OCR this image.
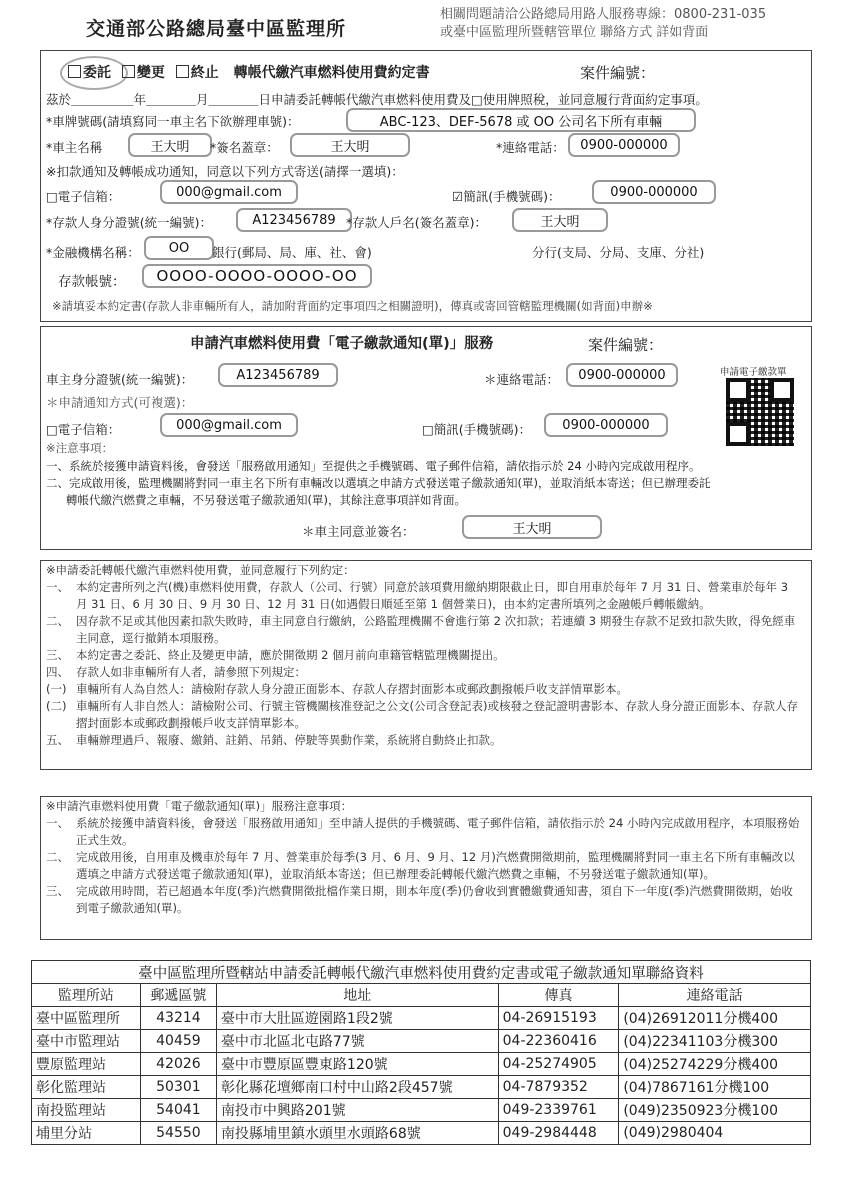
交通部公路總局臺中區監理所
相關問題請洽公路總局用路人服務專線：0800-231-035
或臺中區監理所暨轄管單位 聯絡方式 詳如背面
委託 變更 終止 轉帳代繳汽車燃料使用費約定書	案件編號：
茲於＿＿＿＿＿年＿＿＿＿月＿＿＿＿日申請委託轉帳代繳汽車燃料使用費及□使用牌照稅，並同意履行背面約定事項。
*車牌號碼(請填寫同一車主名下欲辦理車號)：	ABC-123、DEF-5678 或 OO 公司名下所有車輛
*車主名稱	王大明	*簽名蓋章：	王大明	*連絡電話：	0900-000000
※扣款通知及轉帳成功通知，同意以下列方式寄送(請擇一選填)：
□電子信箱：	000@gmail.com	☑簡訊(手機號碼)：	0900-000000
*存款人身分證號(統一編號)：	A123456789 *存款人戶名(簽名蓋章)：	王大明
*金融機構名稱：	OO	銀行(郵局、局、庫、社、會)	分行(支局、分局、支庫、分社)
存款帳號：	OOOO-OOOO-OOOO-OO
※請填妥本約定書(存款人非車輛所有人，請加附背面約定事項四之相關證明)，傳真或寄回管轄監理機關(如背面)申辦※
申請汽車燃料使用費「電子繳款通知(單)」服務	案件編號：
車主身分證號(統一編號)：	A123456789	＊連絡電話：	0900-000000	申請電子繳款單
＊申請通知方式(可複選)：
□電子信箱：	000@gmail.com	□簡訊(手機號碼)：	0900-000000
※注意事項：
一、系統於接獲申請資料後，會發送「服務啟用通知」至提供之手機號碼、電子郵件信箱，請依指示於 24 小時內完成啟用程序。
二、完成啟用後，監理機關將對同一車主名下所有車輛改以選填之申請方式發送電子繳款通知(單)，並取消紙本寄送；但已辦理委託
轉帳代繳汽燃費之車輛，不另發送電子繳款通知(單)，其餘注意事項詳如背面。
＊車主同意並簽名：	王大明
※申請委託轉帳代繳汽車燃料使用費，並同意履行下列約定：
一、 本約定書所列之汽(機)車燃料使用費，存款人（公司、行號）同意於該項費用繳納期限截止日，即自用車於每年 7 月 31 日、營業車於每年 3 月 31 日、6 月 30 日、9 月 30 日、12 月 31 日(如遇假日順延至第 1 個營業日)，由本約定書所填列之金融帳戶轉帳繳納。
二、 因存款不足或其他因素扣款失敗時，車主同意自行繳納，公路監理機關不會進行第 2 次扣款；若連續 3 期發生存款不足致扣款失敗，得免經車主同意，逕行撤銷本項服務。
三、 本約定書之委託、終止及變更申請，應於開徵期 2 個月前向車籍管轄監理機關提出。
四、 存款人如非車輛所有人者，請參照下列規定：
(一) 車輛所有人為自然人：請檢附存款人身分證正面影本、存款人存摺封面影本或郵政劃撥帳戶收支詳情單影本。
(二) 車輛所有人非自然人：請檢附公司、行號主管機關核准登記之公文(公司含登記表)或核發之登記證明書影本、存款人身分證正面影本、存款人存摺封面影本或郵政劃撥帳戶收支詳情單影本。
五、 車輛辦理過戶、報廢、繳銷、註銷、吊銷、停駛等異動作業，系統將自動終止扣款。
※申請汽車燃料使用費「電子繳款通知(單)」服務注意事項：
一、 系統於接獲申請資料後，會發送「服務啟用通知」至申請人提供的手機號碼、電子郵件信箱，請依指示於 24 小時內完成啟用程序，本項服務始正式生效。
二、 完成啟用後，自用車及機車於每年 7 月、營業車於每季(3 月、6 月、9 月、12 月)汽燃費開徵期前，監理機關將對同一車主名下所有車輛改以選填之申請方式發送電子繳款通知(單)，並取消紙本寄送；但已辦理委託轉帳代繳汽燃費之車輛，不另發送電子繳款通知(單)。
三、 完成啟用時間，若已超過本年度(季)汽燃費開徵批檔作業日期，則本年度(季)仍會收到實體繳費通知書，須自下一年度(季)汽燃費開徵期，始收到電子繳款通知(單)。
臺中區監理所暨轄站申請委託轉帳代繳汽車燃料使用費約定書或電子繳款通知單聯絡資料				
監理所站	郵遞區號	地址	傳真	連絡電話
臺中區監理所	43214	臺中市大肚區遊園路1段2號	04-26915193	(04)26912011分機400
臺中市監理站	40459	臺中市北區北屯路77號	04-22360416	(04)22341103分機300
豐原監理站	42026	臺中市豐原區豐東路120號	04-25274905	(04)25274229分機400
彰化監理站	50301	彰化縣花壇鄉南口村中山路2段457號	04-7879352	(04)7867161分機100
南投監理站	54041	南投市中興路201號	049-2339761	(049)2350923分機100
埔里分站	54550	南投縣埔里鎮水頭里水頭路68號	049-2984448	(049)2980404
